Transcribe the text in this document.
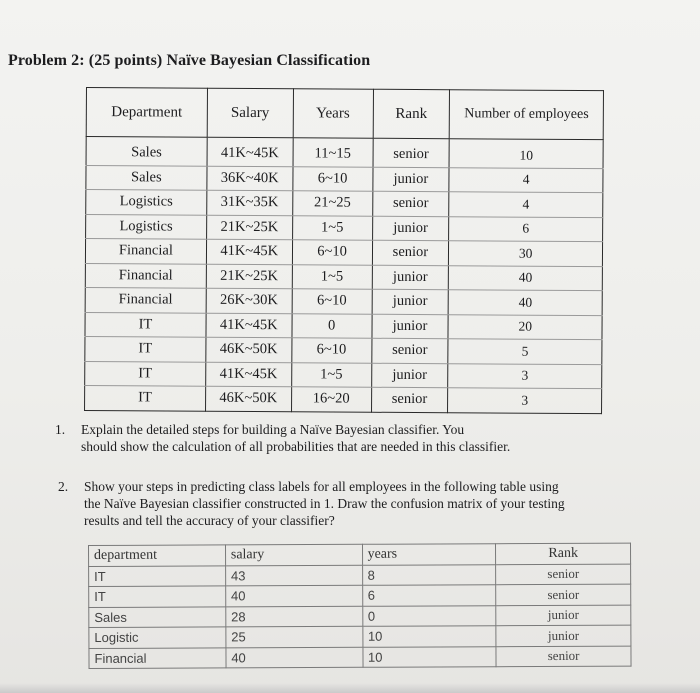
Problem 2: (25 points) Naïve Bayesian Classification
Department	Salary	Years	Rank	Number of employees
Sales	41K~45K	11~15	senior	10
Sales	36K~40K	6~10	junior	4
Logistics	31K~35K	21~25	senior	4
Logistics	21K~25K	1~5	junior	6
Financial	41K~45K	6~10	senior	30
Financial	21K~25K	1~5	junior	40
Financial	26K~30K	6~10	junior	40
IT	41K~45K	0	junior	20
IT	46K~50K	6~10	senior	5
IT	41K~45K	1~5	junior	3
IT	46K~50K	16~20	senior	3
1. Explain the detailed steps for building a Naïve Bayesian classifier. You
should show the calculation of all probabilities that are needed in this classifier.
2. Show your steps in predicting class labels for all employees in the following table using
the Naïve Bayesian classifier constructed in 1. Draw the confusion matrix of your testing
results and tell the accuracy of your classifier?
department	salary	years	Rank
IT	43	8	senior
IT	40	6	senior
Sales	28	0	junior
Logistic	25	10	junior
Financial	40	10	senior
